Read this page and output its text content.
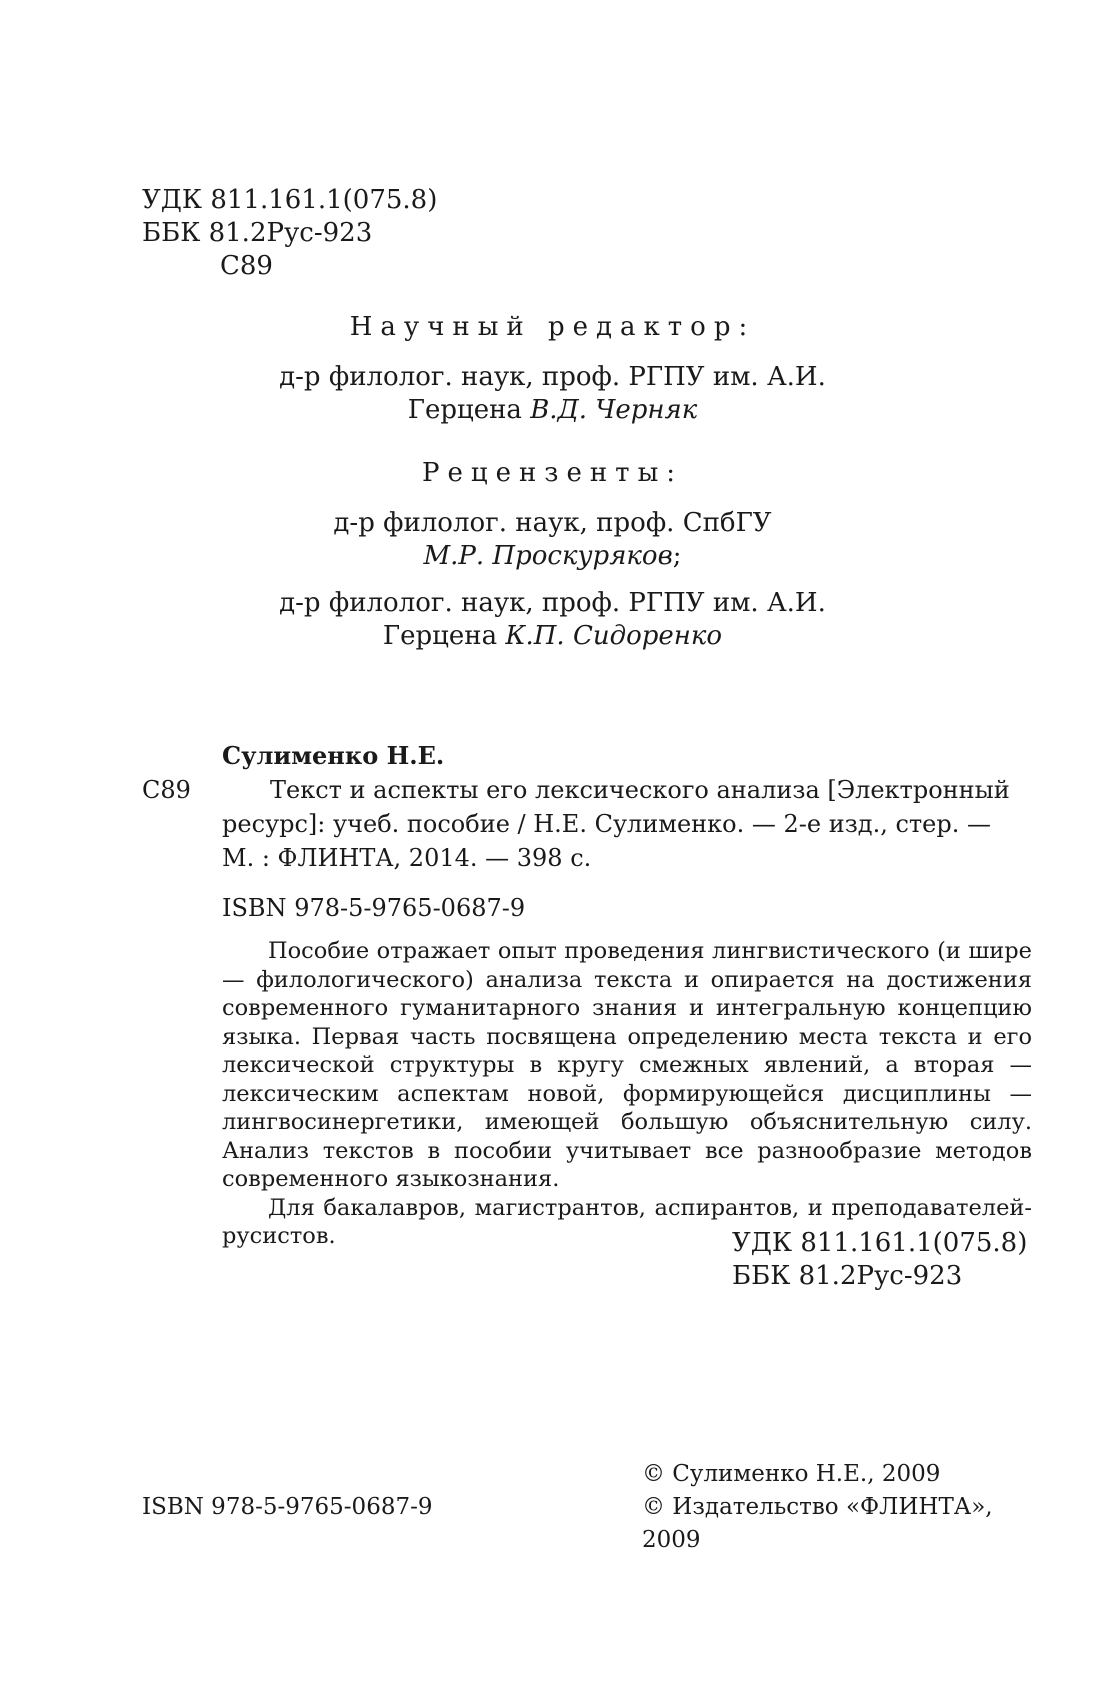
УДК 811.161.1(075.8)
ББК 81.2Рус-923
С89
Научный редактор:
д-р филолог. наук, проф. РГПУ им. А.И.
Герцена В.Д. Черняк
Рецензенты:
д-р филолог. наук, проф. СпбГУ
М.Р. Проскуряков;
д-р филолог. наук, проф. РГПУ им. А.И.
Герцена К.П. Сидоренко
Сулименко Н.Е.
С89	Текст и аспекты его лексического анализа [Электронный
ресурс]: учеб. пособие / Н.Е. Сулименко. — 2-е изд., стер. —
М. : ФЛИНТА, 2014. — 398 с.
ISBN 978-5-9765-0687-9

Пособие отражает опыт проведения лингвистического (и шире — филологического) анализа текста и опирается на достижения современного гуманитарного знания и интегральную концепцию языка. Первая часть посвящена определению места текста и его лексической структуры в кругу смежных явлений, а вторая — лексическим аспектам новой, формирующейся дисциплины — лингвосинергетики, имеющей большую объяснительную силу. Анализ текстов в пособии учитывает все разнообразие методов современного языкознания.

Для бакалавров, магистрантов, аспирантов, и преподавателей-русистов.	УДК 811.161.1(075.8)
ББК 81.2Рус-923
ISBN 978-5-9765-0687-9
© Сулименко Н.Е., 2009
© Издательство «ФЛИНТА»,
2009
